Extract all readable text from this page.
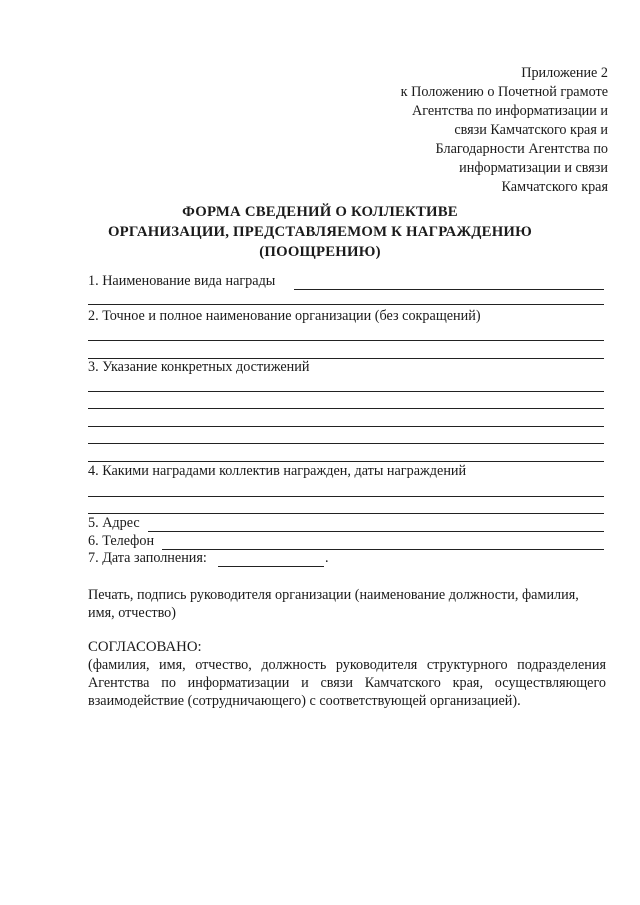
Приложение 2
к Положению о Почетной грамоте
Агентства по информатизации и
связи Камчатского края и
Благодарности Агентства по
информатизации и связи
Камчатского края
ФОРМА СВЕДЕНИЙ О КОЛЛЕКТИВЕ
ОРГАНИЗАЦИИ, ПРЕДСТАВЛЯЕМОМ К НАГРАЖДЕНИЮ
(ПООЩРЕНИЮ)
1. Наименование вида награды
2. Точное и полное наименование организации (без сокращений)
3. Указание конкретных достижений
4. Какими наградами коллектив награжден, даты награждений
5. Адрес
6. Телефон
7. Дата заполнения:	.
Печать, подпись руководителя организации (наименование должности, фамилия, имя, отчество)
СОГЛАСОВАНО:
(фамилия, имя, отчество, должность руководителя структурного подразделения Агентства по информатизации и связи Камчатского края, осуществляющего взаимодействие (сотрудничающего) с соответствующей организацией).
